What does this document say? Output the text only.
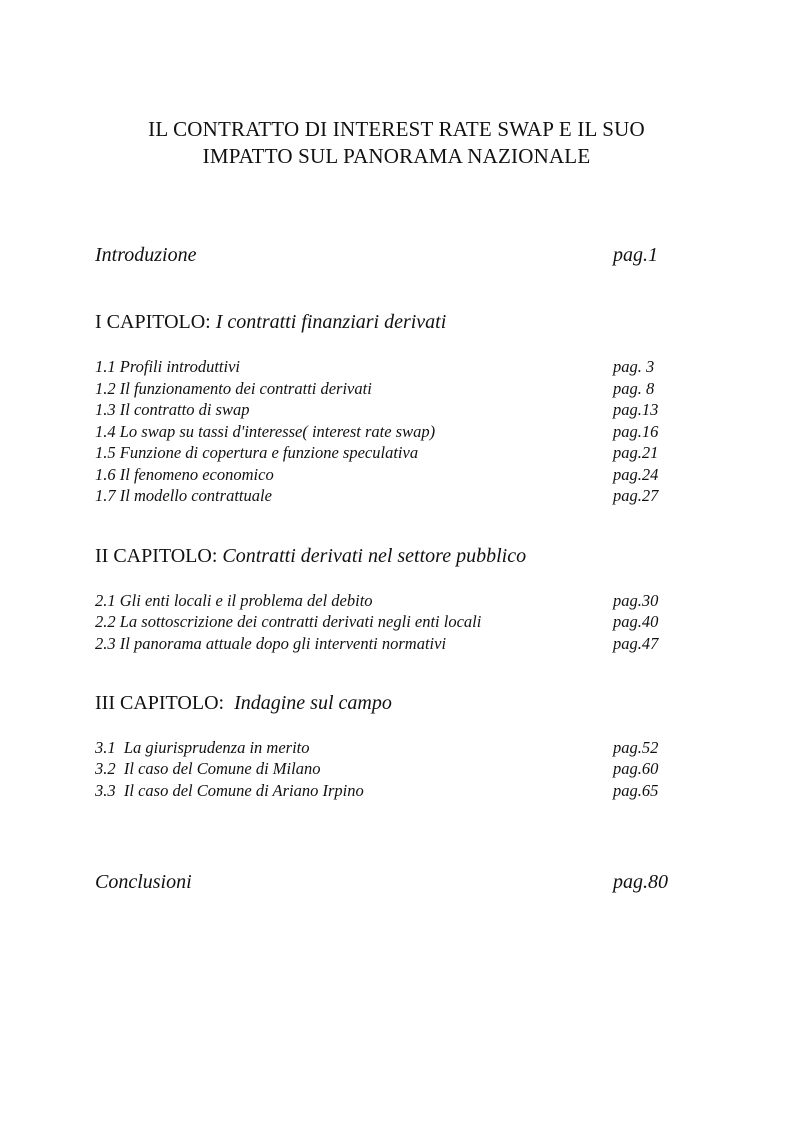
IL CONTRATTO DI INTEREST RATE SWAP E IL SUO
IMPATTO SUL PANORAMA NAZIONALE
Introduzione	pag.1
I CAPITOLO: I contratti finanziari derivati
1.1 Profili introduttivi	pag. 3
1.2 Il funzionamento dei contratti derivati	pag. 8
1.3 Il contratto di swap	pag.13
1.4 Lo swap su tassi d'interesse( interest rate swap)	pag.16
1.5 Funzione di copertura e funzione speculativa	pag.21
1.6 Il fenomeno economico	pag.24
1.7 Il modello contrattuale	pag.27
II CAPITOLO: Contratti derivati nel settore pubblico
2.1 Gli enti locali e il problema del debito	pag.30
2.2 La sottoscrizione dei contratti derivati negli enti locali	pag.40
2.3 Il panorama attuale dopo gli interventi normativi	pag.47
III CAPITOLO:  Indagine sul campo
3.1  La giurisprudenza in merito	pag.52
3.2  Il caso del Comune di Milano	pag.60
3.3  Il caso del Comune di Ariano Irpino	pag.65
Conclusioni	pag.80
